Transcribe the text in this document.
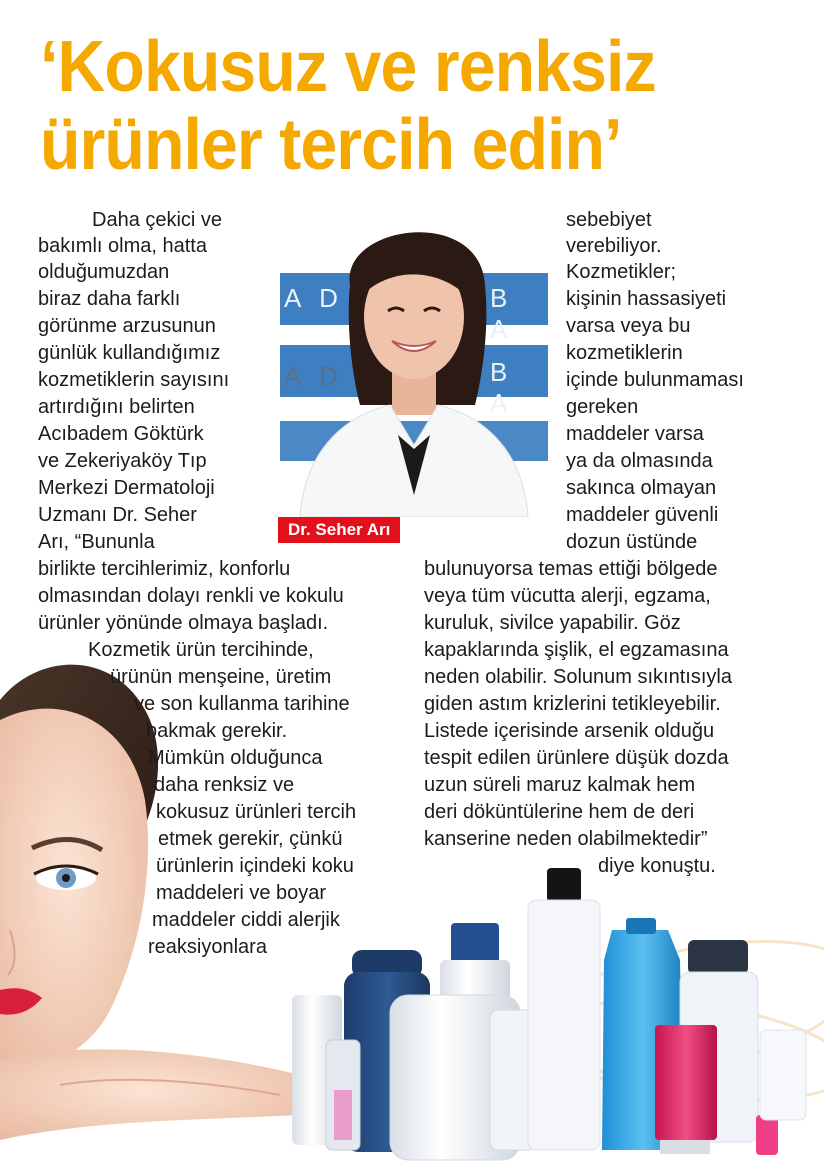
‘Kokusuz ve renksiz
ürünler tercih edin’
A D	B A
A D	B A
Dr. Seher Arı
Daha çekici ve
bakımlı olma, hatta
olduğumuzdan
biraz daha farklı
görünme arzusunun
günlük kullandığımız
kozmetiklerin sayısını
artırdığını belirten
Acıbadem Göktürk
ve Zekeriyaköy Tıp
Merkezi Dermatoloji
Uzmanı Dr. Seher
Arı, “Bununla
birlikte tercihlerimiz, konforlu
olmasından dolayı renkli ve kokulu
ürünler yönünde olmaya başladı.
Kozmetik ürün tercihinde,
ürünün menşeine, üretim
ve son kullanma tarihine
bakmak gerekir.
Mümkün olduğunca
daha renksiz ve
kokusuz ürünleri tercih
etmek gerekir, çünkü
ürünlerin içindeki koku
maddeleri ve boyar
maddeler ciddi alerjik
reaksiyonlara
sebebiyet
verebiliyor.
Kozmetikler;
kişinin hassasiyeti
varsa veya bu
kozmetiklerin
içinde bulunmaması
gereken
maddeler varsa
ya da olmasında
sakınca olmayan
maddeler güvenli
dozun üstünde
bulunuyorsa temas ettiği bölgede
veya tüm vücutta alerji, egzama,
kuruluk, sivilce yapabilir. Göz
kapaklarında şişlik, el egzamasına
neden olabilir. Solunum sıkıntısıyla
giden astım krizlerini tetikleyebilir.
Listede içerisinde arsenik olduğu
tespit edilen ürünlere düşük dozda
uzun süreli maruz kalmak hem
deri döküntülerine hem de deri
kanserine neden olabilmektedir”
diye konuştu.
